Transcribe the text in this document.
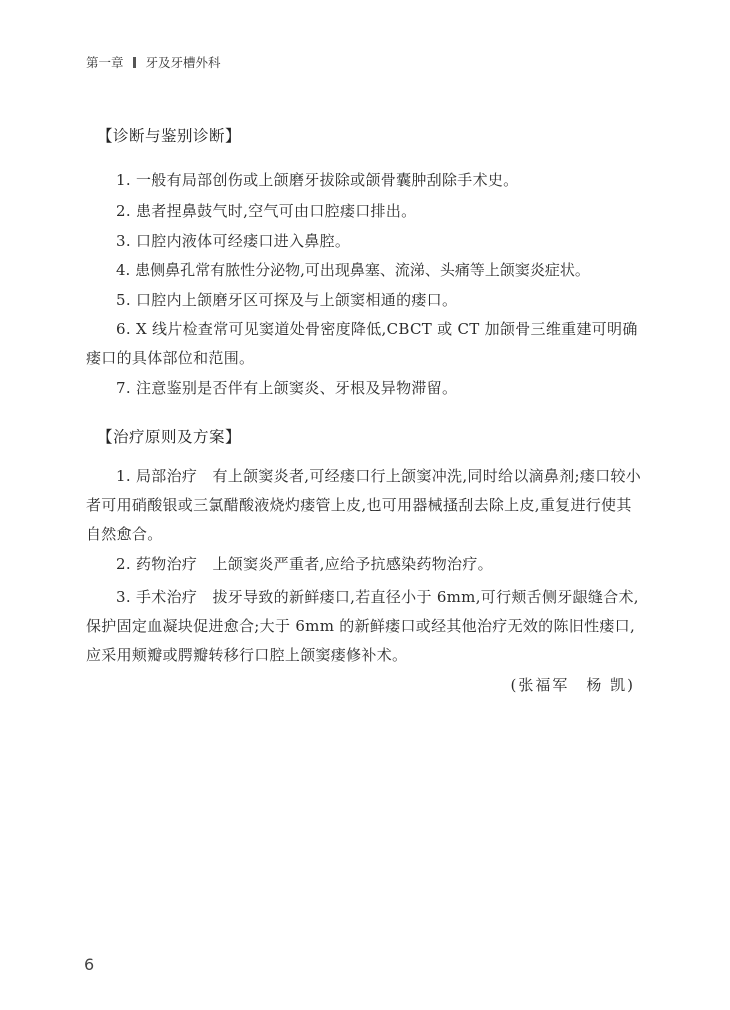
第一章 牙及牙槽外科
【诊断与鉴别诊断】

1. 一般有局部创伤或上颌磨牙拔除或颌骨囊肿刮除手术史。

2. 患者捏鼻鼓气时,空气可由口腔瘘口排出。

3. 口腔内液体可经瘘口进入鼻腔。

4. 患侧鼻孔常有脓性分泌物,可出现鼻塞、流涕、头痛等上颌窦炎症状。

5. 口腔内上颌磨牙区可探及与上颌窦相通的瘘口。

6. X 线片检查常可见窦道处骨密度降低,CBCT 或 CT 加颌骨三维重建可明确瘘口的具体部位和范围。

7. 注意鉴别是否伴有上颌窦炎、牙根及异物滞留。

【治疗原则及方案】

1. 局部治疗　有上颌窦炎者,可经瘘口行上颌窦冲洗,同时给以滴鼻剂;瘘口较小者可用硝酸银或三氯醋酸液烧灼瘘管上皮,也可用器械搔刮去除上皮,重复进行使其自然愈合。

2. 药物治疗　上颌窦炎严重者,应给予抗感染药物治疗。

3. 手术治疗　拔牙导致的新鲜瘘口,若直径小于 6mm,可行颊舌侧牙龈缝合术,保护固定血凝块促进愈合;大于 6mm 的新鲜瘘口或经其他治疗无效的陈旧性瘘口,应采用颊瓣或腭瓣转移行口腔上颌窦瘘修补术。

(张福军　杨 凯)
6
